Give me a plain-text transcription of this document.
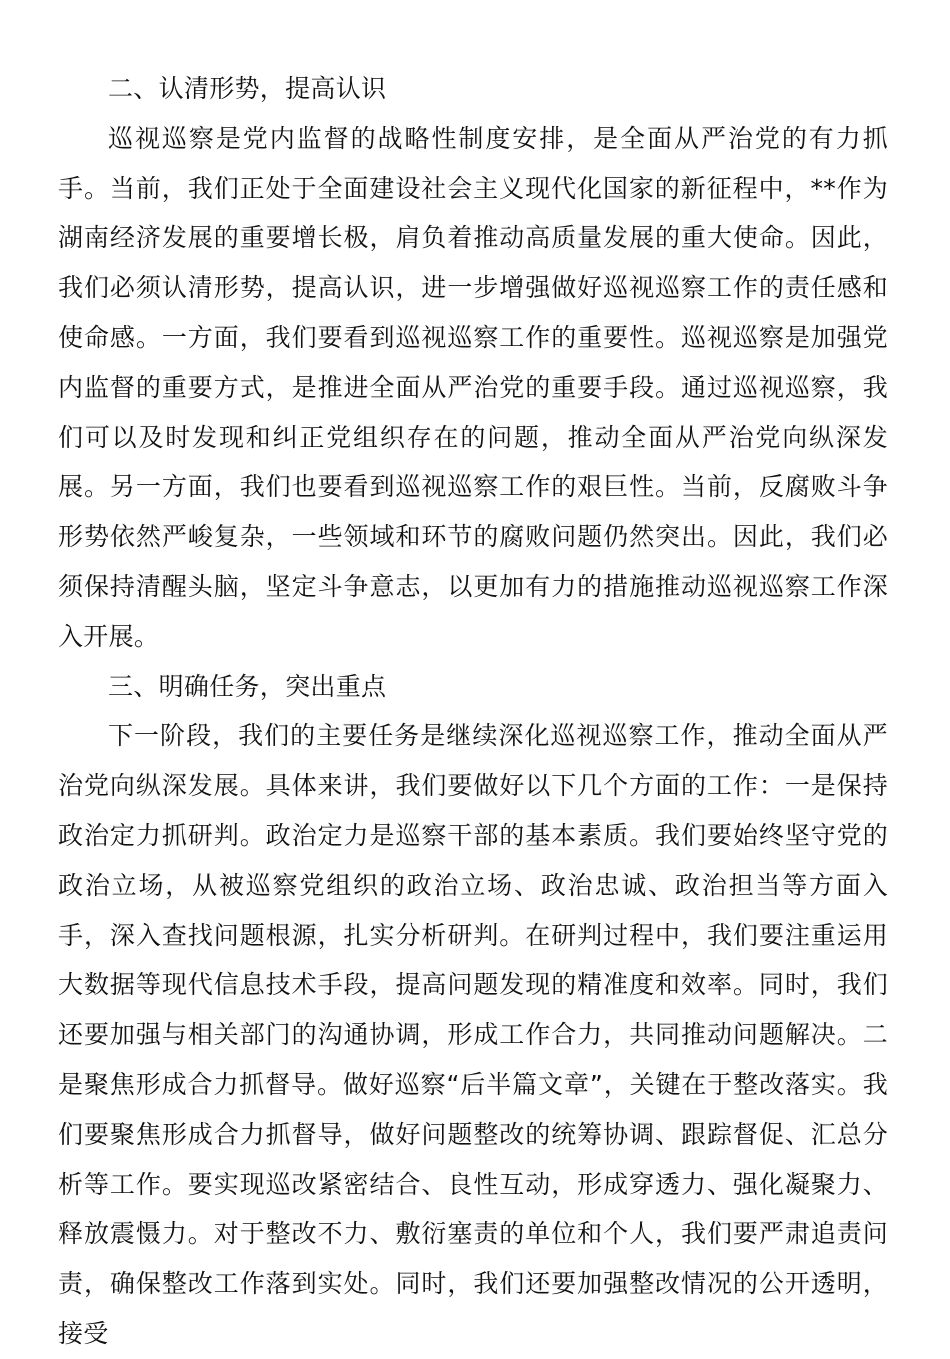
二、认清形势，提高认识

巡视巡察是党内监督的战略性制度安排，是全面从严治党的有力抓手。当前，我们正处于全面建设社会主义现代化国家的新征程中，**作为湖南经济发展的重要增长极，肩负着推动高质量发展的重大使命。因此，我们必须认清形势，提高认识，进一步增强做好巡视巡察工作的责任感和使命感。一方面，我们要看到巡视巡察工作的重要性。巡视巡察是加强党内监督的重要方式，是推进全面从严治党的重要手段。通过巡视巡察，我们可以及时发现和纠正党组织存在的问题，推动全面从严治党向纵深发展。另一方面，我们也要看到巡视巡察工作的艰巨性。当前，反腐败斗争形势依然严峻复杂，一些领域和环节的腐败问题仍然突出。因此，我们必须保持清醒头脑，坚定斗争意志，以更加有力的措施推动巡视巡察工作深入开展。

三、明确任务，突出重点

下一阶段，我们的主要任务是继续深化巡视巡察工作，推动全面从严治党向纵深发展。具体来讲，我们要做好以下几个方面的工作：一是保持政治定力抓研判。政治定力是巡察干部的基本素质。我们要始终坚守党的政治立场，从被巡察党组织的政治立场、政治忠诚、政治担当等方面入手，深入查找问题根源，扎实分析研判。在研判过程中，我们要注重运用大数据等现代信息技术手段，提高问题发现的精准度和效率。同时，我们还要加强与相关部门的沟通协调，形成工作合力，共同推动问题解决。二是聚焦形成合力抓督导。做好巡察“后半篇文章”，关键在于整改落实。我们要聚焦形成合力抓督导，做好问题整改的统筹协调、跟踪督促、汇总分析等工作。要实现巡改紧密结合、良性互动，形成穿透力、强化凝聚力、释放震慑力。对于整改不力、敷衍塞责的单位和个人，我们要严肃追责问责，确保整改工作落到实处。同时，我们还要加强整改情况的公开透明，接受
